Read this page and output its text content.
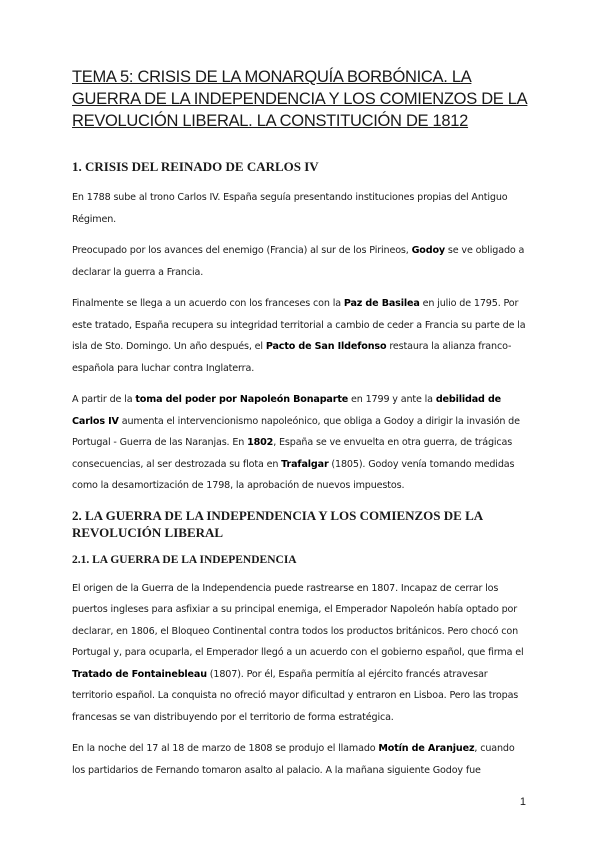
TEMA 5: CRISIS DE LA MONARQUÍA BORBÓNICA. LA GUERRA DE LA INDEPENDENCIA Y LOS COMIENZOS DE LA REVOLUCIÓN LIBERAL. LA CONSTITUCIÓN DE 1812
1. CRISIS DEL REINADO DE CARLOS IV

En 1788 sube al trono Carlos IV. España seguía presentando instituciones propias del Antiguo Régimen.

Preocupado por los avances del enemigo (Francia) al sur de los Pirineos, Godoy se ve obligado a declarar la guerra a Francia.

Finalmente se llega a un acuerdo con los franceses con la Paz de Basilea en julio de 1795. Por este tratado, España recupera su integridad territorial a cambio de ceder a Francia su parte de la isla de Sto. Domingo. Un año después, el Pacto de San Ildefonso restaura la alianza franco-española para luchar contra Inglaterra.

A partir de la toma del poder por Napoleón Bonaparte en 1799 y ante la debilidad de Carlos IV aumenta el intervencionismo napoleónico, que obliga a Godoy a dirigir la invasión de Portugal - Guerra de las Naranjas. En 1802, España se ve envuelta en otra guerra, de trágicas consecuencias, al ser destrozada su flota en Trafalgar (1805). Godoy venía tomando medidas como la desamortización de 1798, la aprobación de nuevos impuestos.

2. LA GUERRA DE LA INDEPENDENCIA Y LOS COMIENZOS DE LA REVOLUCIÓN LIBERAL
2.1. LA GUERRA DE LA INDEPENDENCIA

El origen de la Guerra de la Independencia puede rastrearse en 1807. Incapaz de cerrar los puertos ingleses para asfixiar a su principal enemiga, el Emperador Napoleón había optado por declarar, en 1806, el Bloqueo Continental contra todos los productos británicos. Pero chocó con Portugal y, para ocuparla, el Emperador llegó a un acuerdo con el gobierno español, que firma el Tratado de Fontainebleau (1807). Por él, España permitía al ejército francés atravesar territorio español. La conquista no ofreció mayor dificultad y entraron en Lisboa. Pero las tropas francesas se van distribuyendo por el territorio de forma estratégica.

En la noche del 17 al 18 de marzo de 1808 se produjo el llamado Motín de Aranjuez, cuando los partidarios de Fernando tomaron asalto al palacio. A la mañana siguiente Godoy fue

1
